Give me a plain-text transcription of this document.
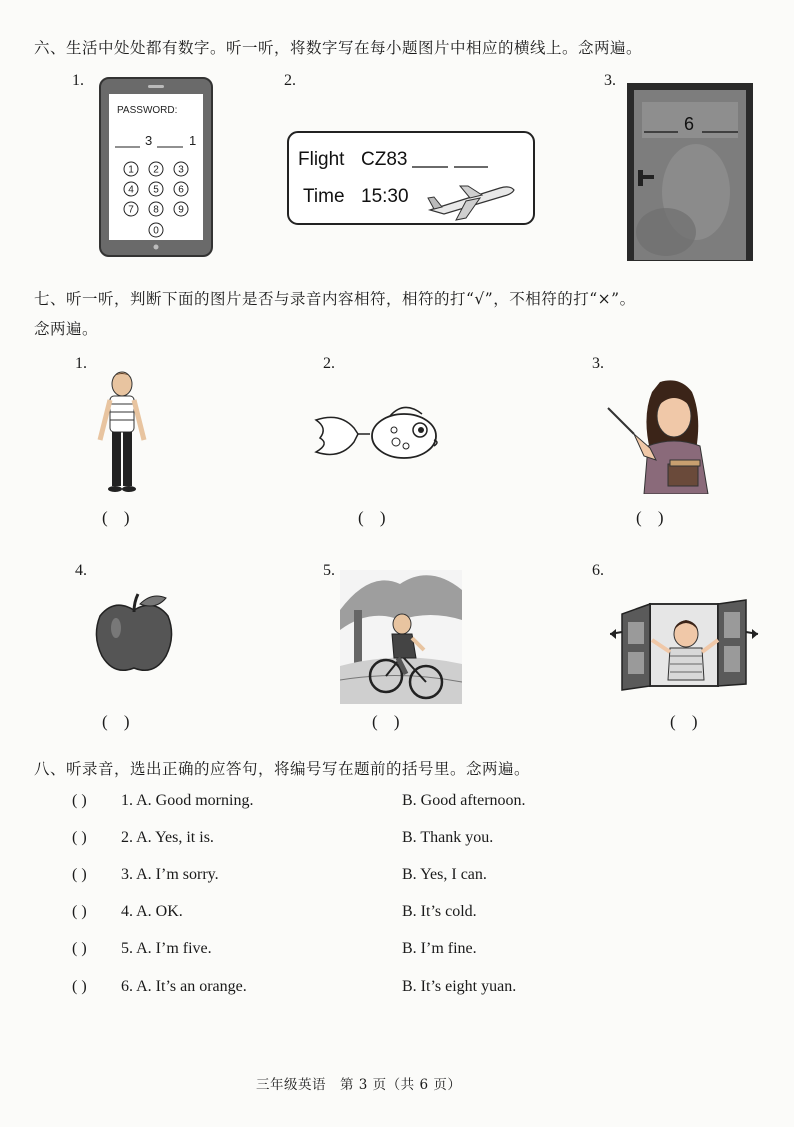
六、生活中处处都有数字。听一听，将数字写在每小题图片中相应的横线上。念两遍。
1.	2.	3.
PASSWORD:
3	1
1 2 3
4 5 6
7 8 9
0
Flight CZ83
Time 15:30
6
七、听一听，判断下面的图片是否与录音内容相符，相符的打“√”，不相符的打“×”。
念两遍。
1.	2.	3.
( )	( )	( )
4.	5.	6.
( )	( )	( )
八、听录音，选出正确的应答句，将编号写在题前的括号里。念两遍。
( ) 1. A. Good morning.	B. Good afternoon.
( ) 2. A. Yes, it is.	B. Thank you.
( ) 3. A. I’m sorry.	B. Yes, I can.
( ) 4. A. OK.	B. It’s cold.
( ) 5. A. I’m five.	B. I’m fine.
( ) 6. A. It’s an orange.	B. It’s eight yuan.
三年级英语　第 3 页（共 6 页）
